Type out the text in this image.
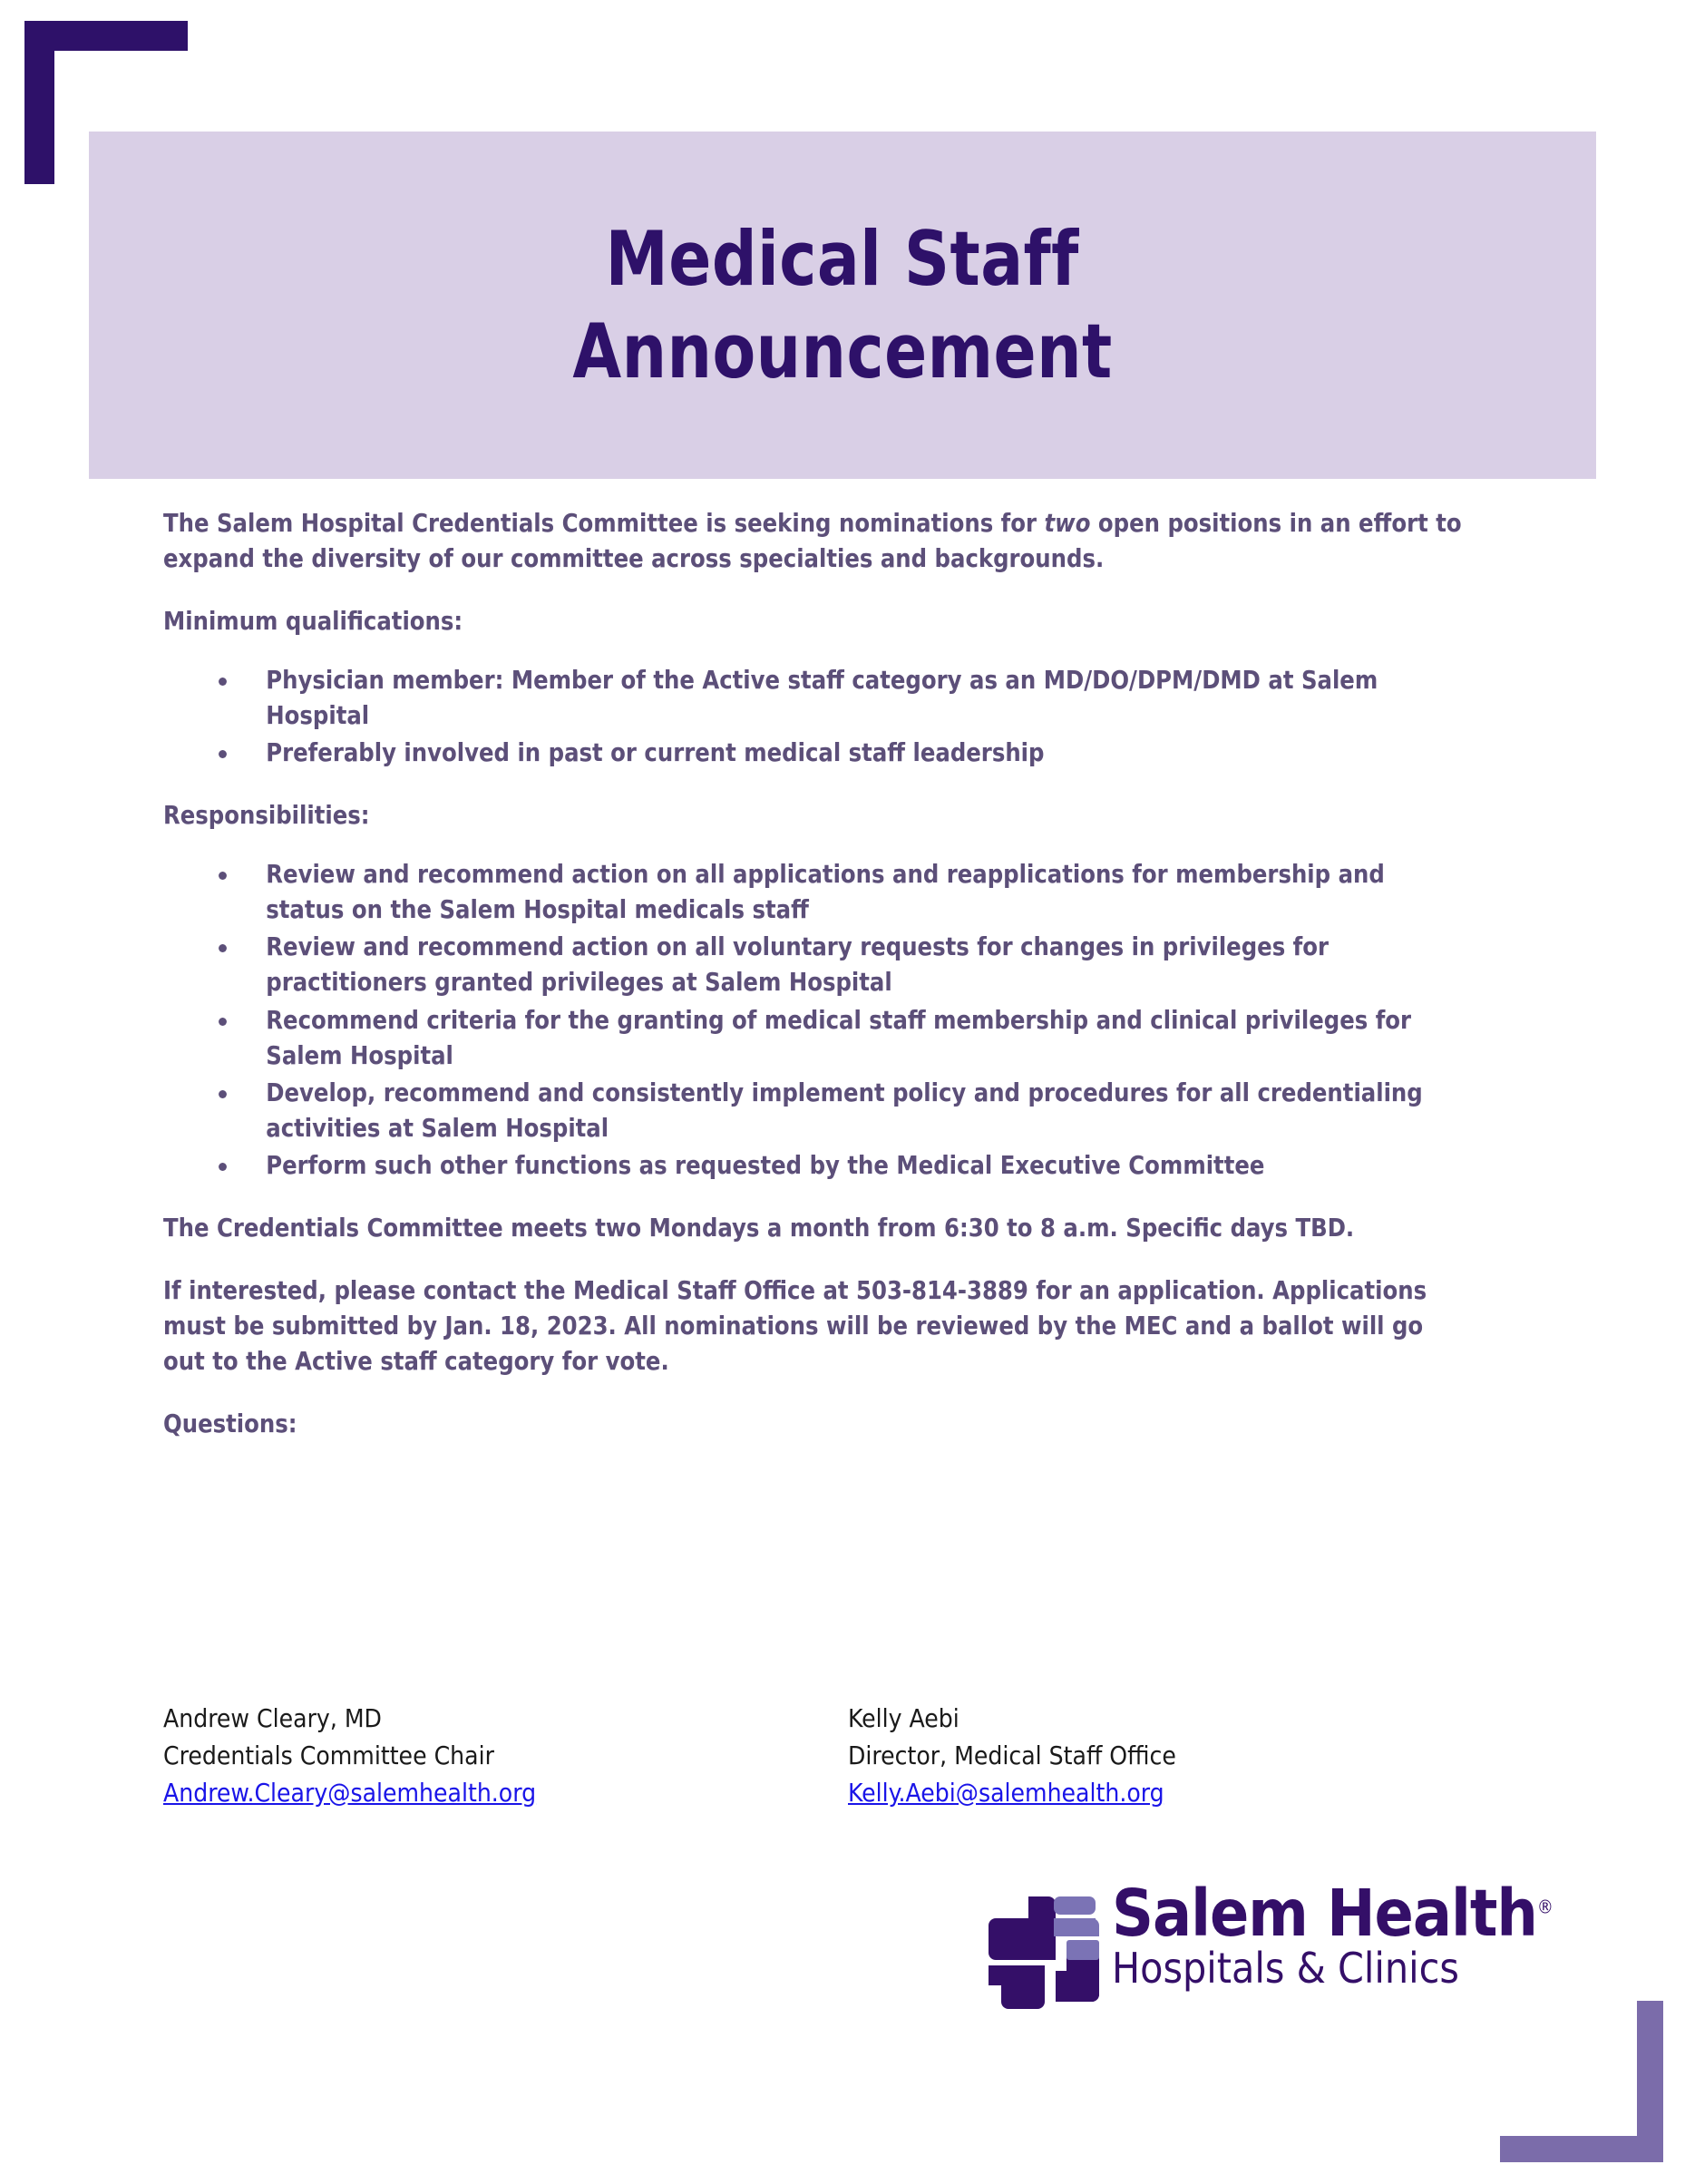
Medical Staff
Announcement

The Salem Hospital Credentials Committee is seeking nominations for two open positions in an effort to expand the diversity of our committee across specialties and backgrounds.

Minimum qualifications:

Physician member: Member of the Active staff category as an MD/DO/DPM/DMD at Salem Hospital
Preferably involved in past or current medical staff leadership

Responsibilities:

Review and recommend action on all applications and reapplications for membership and status on the Salem Hospital medicals staff
Review and recommend action on all voluntary requests for changes in privileges for practitioners granted privileges at Salem Hospital
Recommend criteria for the granting of medical staff membership and clinical privileges for Salem Hospital
Develop, recommend and consistently implement policy and procedures for all credentialing activities at Salem Hospital
Perform such other functions as requested by the Medical Executive Committee

The Credentials Committee meets two Mondays a month from 6:30 to 8 a.m. Specific days TBD.

If interested, please contact the Medical Staff Office at 503-814-3889 for an application. Applications must be submitted by Jan. 18, 2023. All nominations will be reviewed by the MEC and a ballot will go out to the Active staff category for vote.

Questions:

Andrew Cleary, MD
Credentials Committee Chair
Andrew.Cleary@salemhealth.org
Kelly Aebi
Director, Medical Staff Office
Kelly.Aebi@salemhealth.org
Salem Health®
Hospitals & Clinics
